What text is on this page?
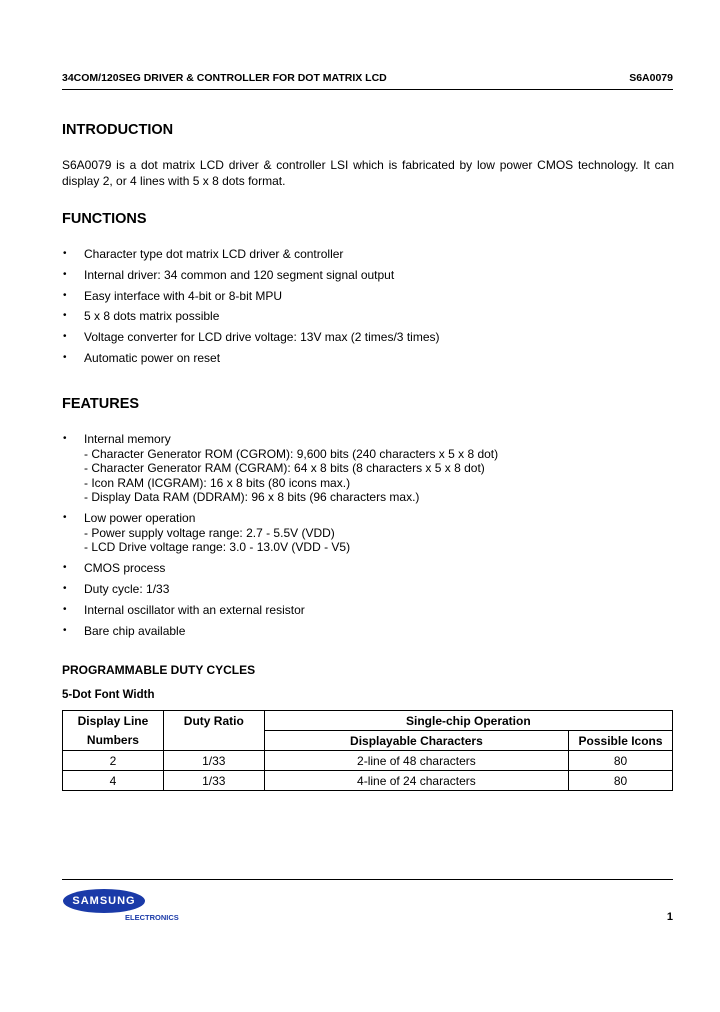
34COM/120SEG DRIVER & CONTROLLER FOR DOT MATRIX LCD	S6A0079
INTRODUCTION
S6A0079 is a dot matrix LCD driver & controller LSI which is fabricated by low power CMOS technology. It can display 2, or 4 lines with 5 x 8 dots format.
FUNCTIONS
• Character type dot matrix LCD driver & controller
• Internal driver: 34 common and 120 segment signal output
• Easy interface with 4-bit or 8-bit MPU
• 5 x 8 dots matrix possible
• Voltage converter for LCD drive voltage: 13V max (2 times/3 times)
• Automatic power on reset
FEATURES
• Internal memory
- Character Generator ROM (CGROM): 9,600 bits (240 characters x 5 x 8 dot)
- Character Generator RAM (CGRAM): 64 x 8 bits (8 characters x 5 x 8 dot)
- Icon RAM (ICGRAM): 16 x 8 bits (80 icons max.)
- Display Data RAM (DDRAM): 96 x 8 bits (96 characters max.)
• Low power operation
- Power supply voltage range: 2.7 - 5.5V (VDD)
- LCD Drive voltage range: 3.0 - 13.0V (VDD - V5)
• CMOS process
• Duty cycle: 1/33
• Internal oscillator with an external resistor
• Bare chip available
PROGRAMMABLE DUTY CYCLES
5-Dot Font Width
Display Line	Duty Ratio	Single-chip Operation	
Numbers		Displayable Characters	Possible Icons
2	1/33	2-line of 48 characters	80
4	1/33	4-line of 24 characters	80
SAMSUNG
ELECTRONICS	1
